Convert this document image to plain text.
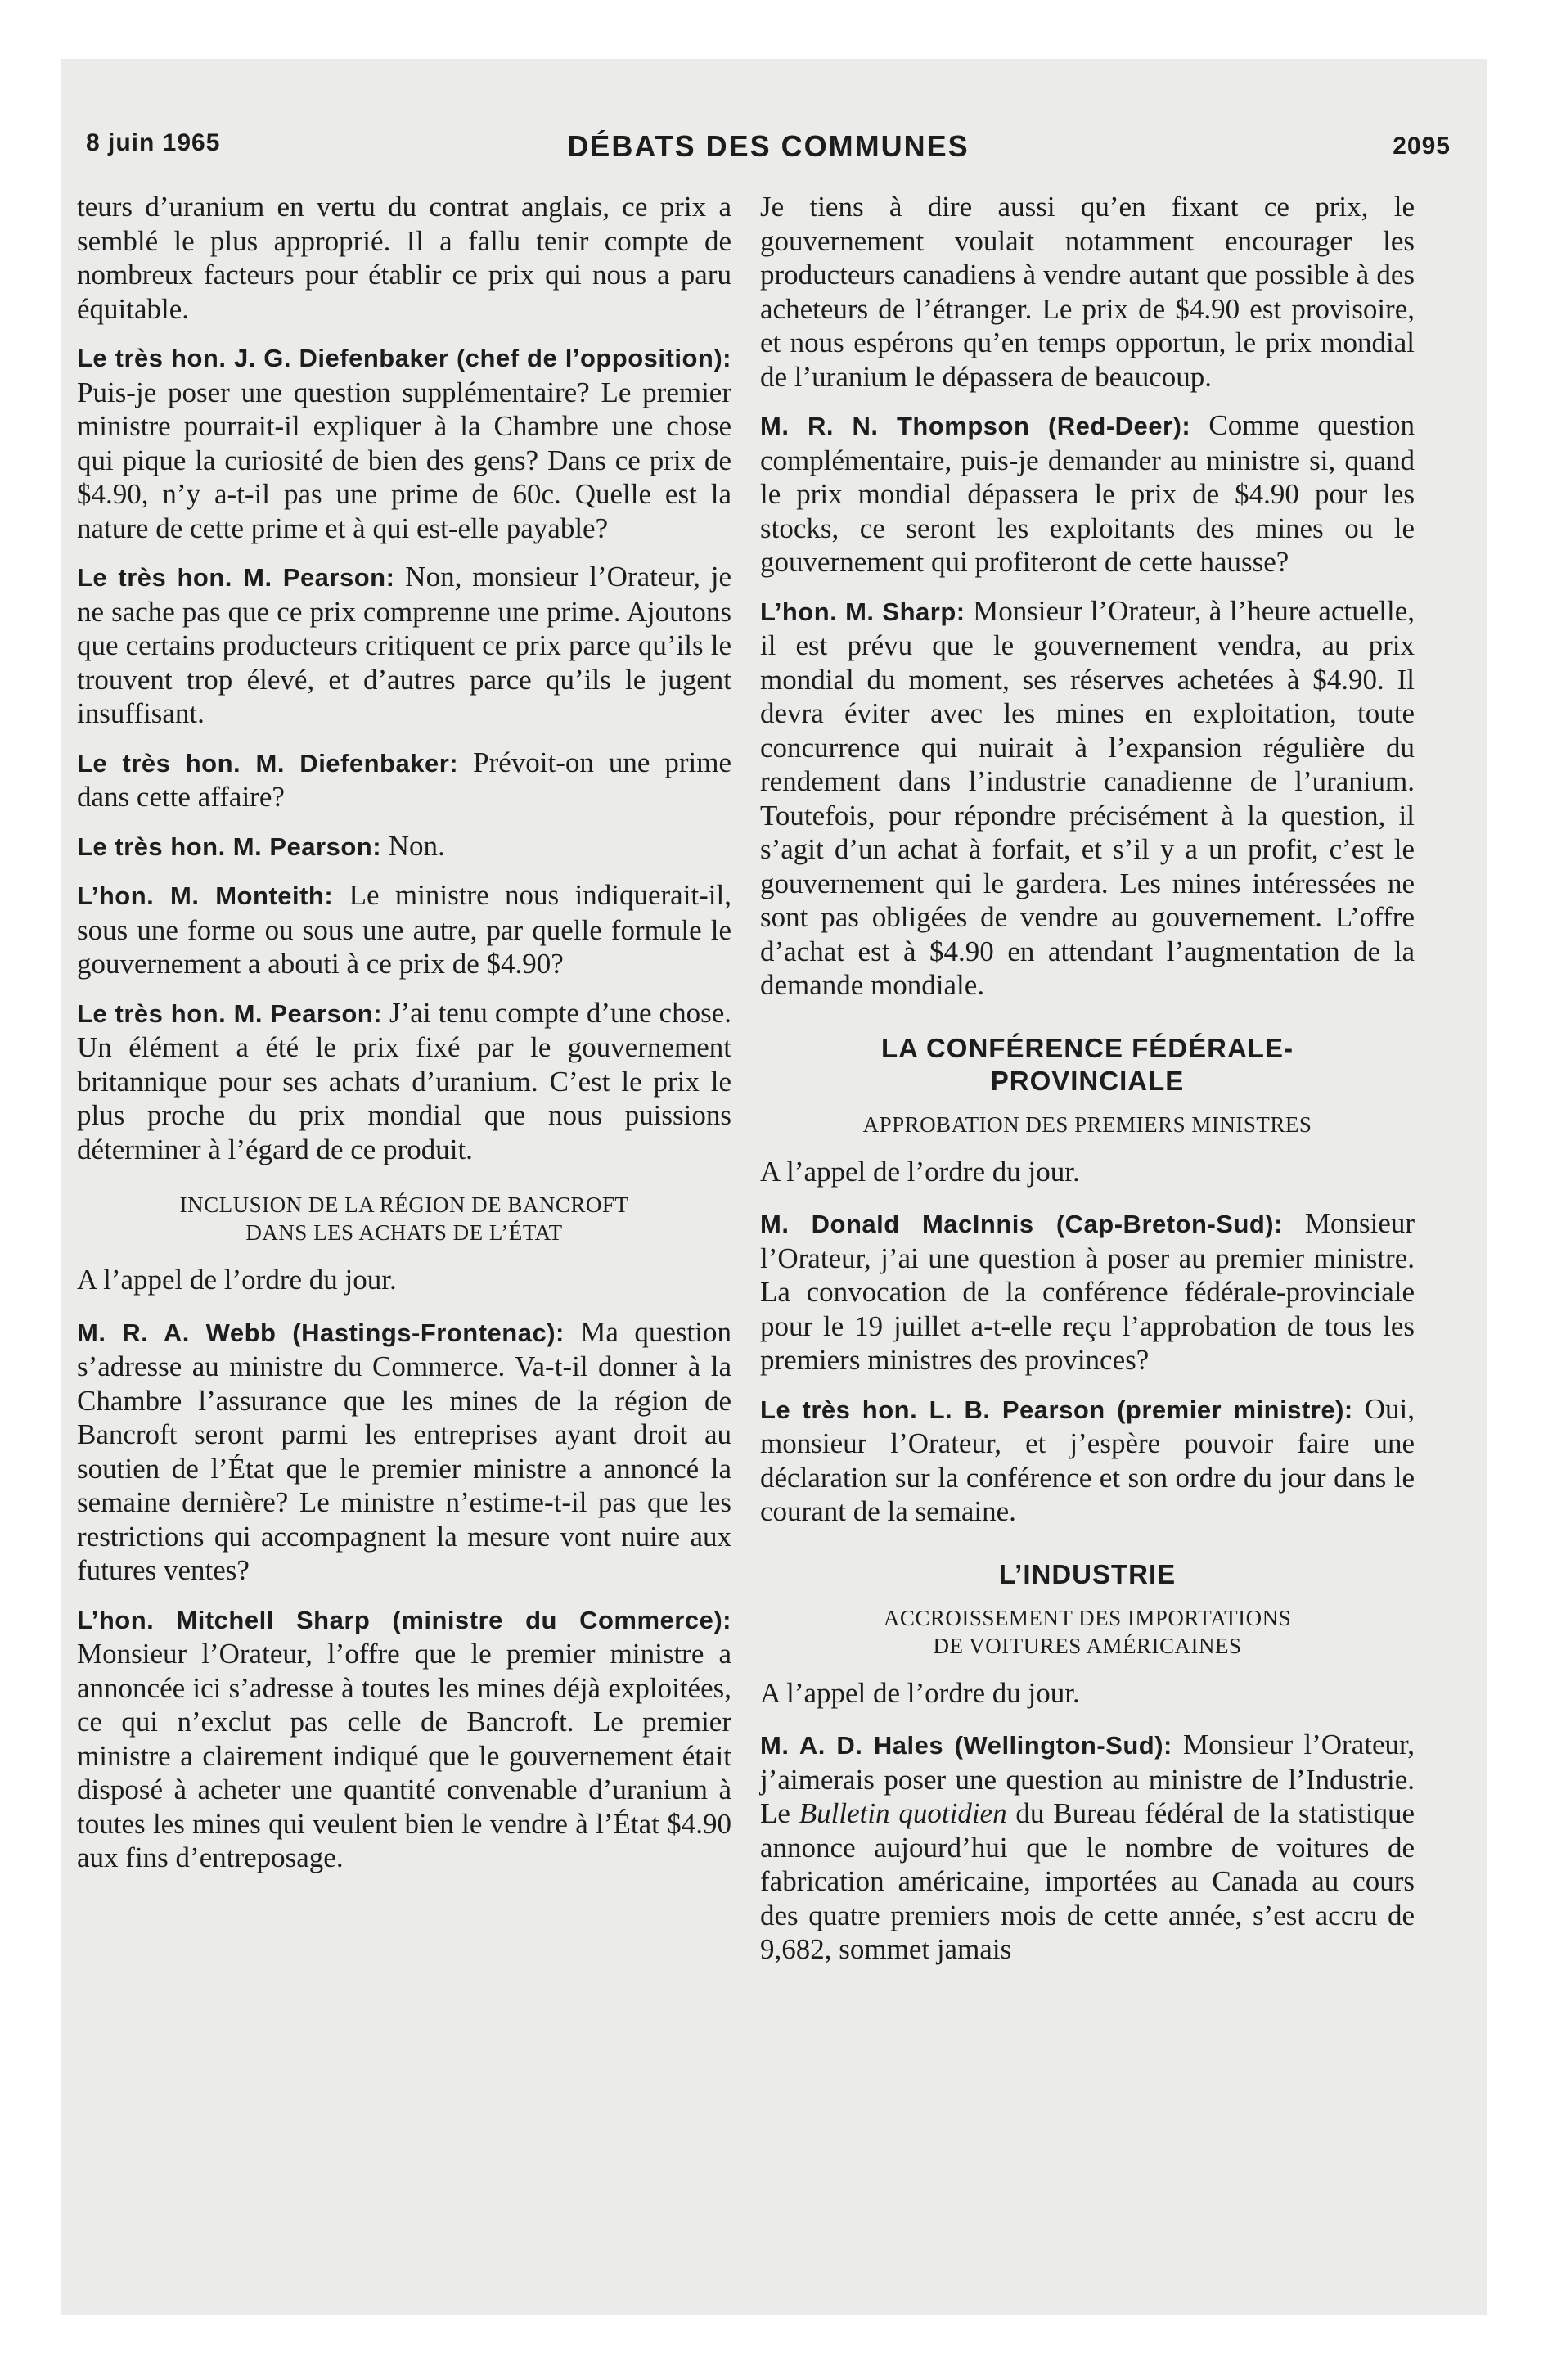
8 juin 1965	DÉBATS DES COMMUNES	2095

teurs d’uranium en vertu du contrat anglais, ce prix a semblé le plus approprié. Il a fallu tenir compte de nombreux facteurs pour établir ce prix qui nous a paru équitable.

Le très hon. J. G. Diefenbaker (chef de l’opposition): Puis-je poser une question supplémentaire? Le premier ministre pourrait-il expliquer à la Chambre une chose qui pique la curiosité de bien des gens? Dans ce prix de $4.90, n’y a-t-il pas une prime de 60c. Quelle est la nature de cette prime et à qui est-elle payable?

Le très hon. M. Pearson: Non, monsieur l’Orateur, je ne sache pas que ce prix comprenne une prime. Ajoutons que certains producteurs critiquent ce prix parce qu’ils le trouvent trop élevé, et d’autres parce qu’ils le jugent insuffisant.

Le très hon. M. Diefenbaker: Prévoit-on une prime dans cette affaire?

Le très hon. M. Pearson: Non.

L’hon. M. Monteith: Le ministre nous indiquerait-il, sous une forme ou sous une autre, par quelle formule le gouvernement a abouti à ce prix de $4.90?

Le très hon. M. Pearson: J’ai tenu compte d’une chose. Un élément a été le prix fixé par le gouvernement britannique pour ses achats d’uranium. C’est le prix le plus proche du prix mondial que nous puissions déterminer à l’égard de ce produit.

INCLUSION DE LA RÉGION DE BANCROFT
DANS LES ACHATS DE L’ÉTAT

A l’appel de l’ordre du jour.

M. R. A. Webb (Hastings-Frontenac): Ma question s’adresse au ministre du Commerce. Va-t-il donner à la Chambre l’assurance que les mines de la région de Bancroft seront parmi les entreprises ayant droit au soutien de l’État que le premier ministre a annoncé la semaine dernière? Le ministre n’estime-t-il pas que les restrictions qui accompagnent la mesure vont nuire aux futures ventes?

L’hon. Mitchell Sharp (ministre du Commerce): Monsieur l’Orateur, l’offre que le premier ministre a annoncée ici s’adresse à toutes les mines déjà exploitées, ce qui n’exclut pas celle de Bancroft. Le premier ministre a clairement indiqué que le gouvernement était disposé à acheter une quantité convenable d’uranium à toutes les mines qui veulent bien le vendre à l’État $4.90 aux fins d’entreposage.

Je tiens à dire aussi qu’en fixant ce prix, le gouvernement voulait notamment encourager les producteurs canadiens à vendre autant que possible à des acheteurs de l’étranger. Le prix de $4.90 est provisoire, et nous espérons qu’en temps opportun, le prix mondial de l’uranium le dépassera de beaucoup.

M. R. N. Thompson (Red-Deer): Comme question complémentaire, puis-je demander au ministre si, quand le prix mondial dépassera le prix de $4.90 pour les stocks, ce seront les exploitants des mines ou le gouvernement qui profiteront de cette hausse?

L’hon. M. Sharp: Monsieur l’Orateur, à l’heure actuelle, il est prévu que le gouvernement vendra, au prix mondial du moment, ses réserves achetées à $4.90. Il devra éviter avec les mines en exploitation, toute concurrence qui nuirait à l’expansion régulière du rendement dans l’industrie canadienne de l’uranium. Toutefois, pour répondre précisément à la question, il s’agit d’un achat à forfait, et s’il y a un profit, c’est le gouvernement qui le gardera. Les mines intéressées ne sont pas obligées de vendre au gouvernement. L’offre d’achat est à $4.90 en attendant l’augmentation de la demande mondiale.

LA CONFÉRENCE FÉDÉRALE-
PROVINCIALE
APPROBATION DES PREMIERS MINISTRES

A l’appel de l’ordre du jour.

M. Donald MacInnis (Cap-Breton-Sud): Monsieur l’Orateur, j’ai une question à poser au premier ministre. La convocation de la conférence fédérale-provinciale pour le 19 juillet a-t-elle reçu l’approbation de tous les premiers ministres des provinces?

Le très hon. L. B. Pearson (premier ministre): Oui, monsieur l’Orateur, et j’espère pouvoir faire une déclaration sur la conférence et son ordre du jour dans le courant de la semaine.

L’INDUSTRIE
ACCROISSEMENT DES IMPORTATIONS
DE VOITURES AMÉRICAINES

A l’appel de l’ordre du jour.

M. A. D. Hales (Wellington-Sud): Monsieur l’Orateur, j’aimerais poser une question au ministre de l’Industrie. Le Bulletin quotidien du Bureau fédéral de la statistique annonce aujourd’hui que le nombre de voitures de fabrication américaine, importées au Canada au cours des quatre premiers mois de cette année, s’est accru de 9,682, sommet jamais
